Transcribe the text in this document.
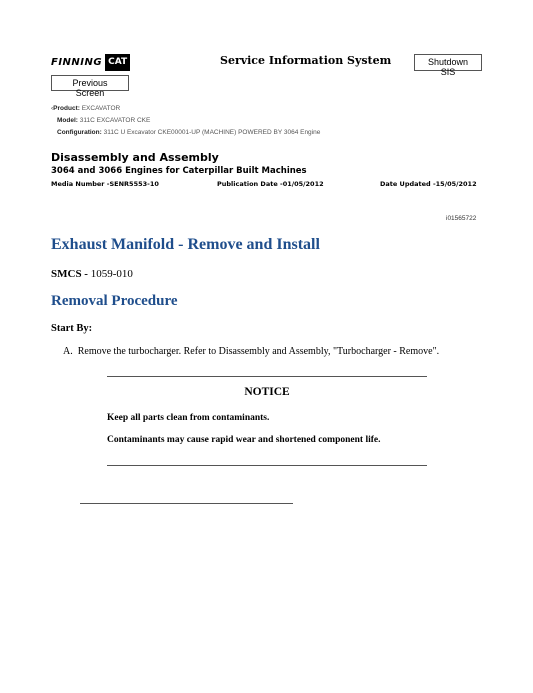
FINNING CAT	Service Information System	Shutdown SIS
Previous Screen
‹Product: EXCAVATOR
Model: 311C EXCAVATOR CKE
Configuration: 311C U Excavator CKE00001-UP (MACHINE) POWERED BY 3064 Engine
Disassembly and Assembly
3064 and 3066 Engines for Caterpillar Built Machines
Media Number -SENR5553-10	Publication Date -01/05/2012	Date Updated -15/05/2012
i01565722
Exhaust Manifold - Remove and Install
SMCS - 1059-010
Removal Procedure
Start By:
A. Remove the turbocharger. Refer to Disassembly and Assembly, "Turbocharger - Remove".
NOTICE
Keep all parts clean from contaminants.
Contaminants may cause rapid wear and shortened component life.
